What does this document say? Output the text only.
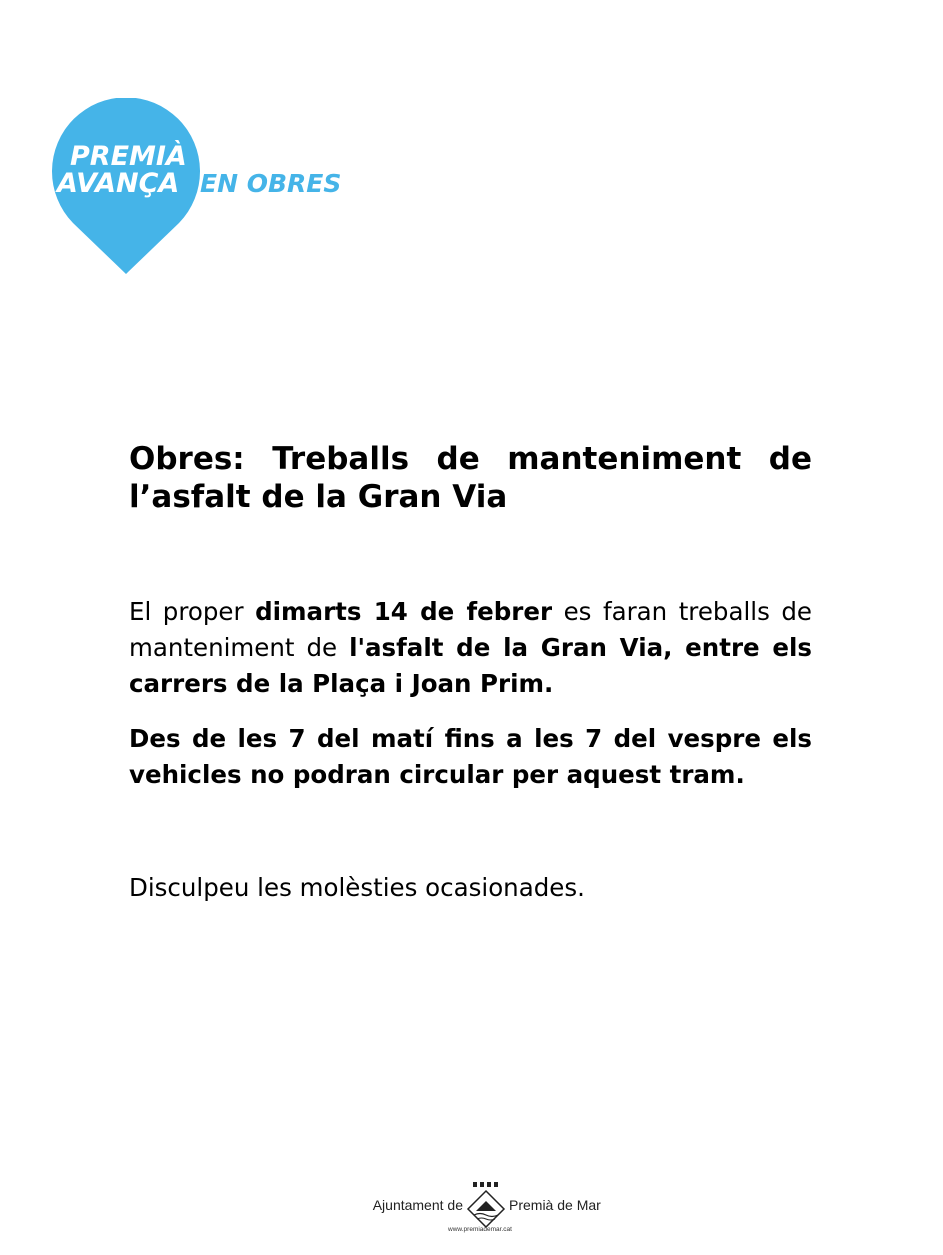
PREMIÀ
AVANÇA EN OBRES
Obres: Treballs de manteniment de l’asfalt de la Gran Via

El proper dimarts 14 de febrer es faran treballs de manteniment de l'asfalt de la Gran Via, entre els carrers de la Plaça i Joan Prim.

Des de les 7 del matí fins a les 7 del vespre els vehicles no podran circular per aquest tram.

Disculpeu les molèsties ocasionades.

Ajuntament de	Premià de Mar
www.premiademar.cat
